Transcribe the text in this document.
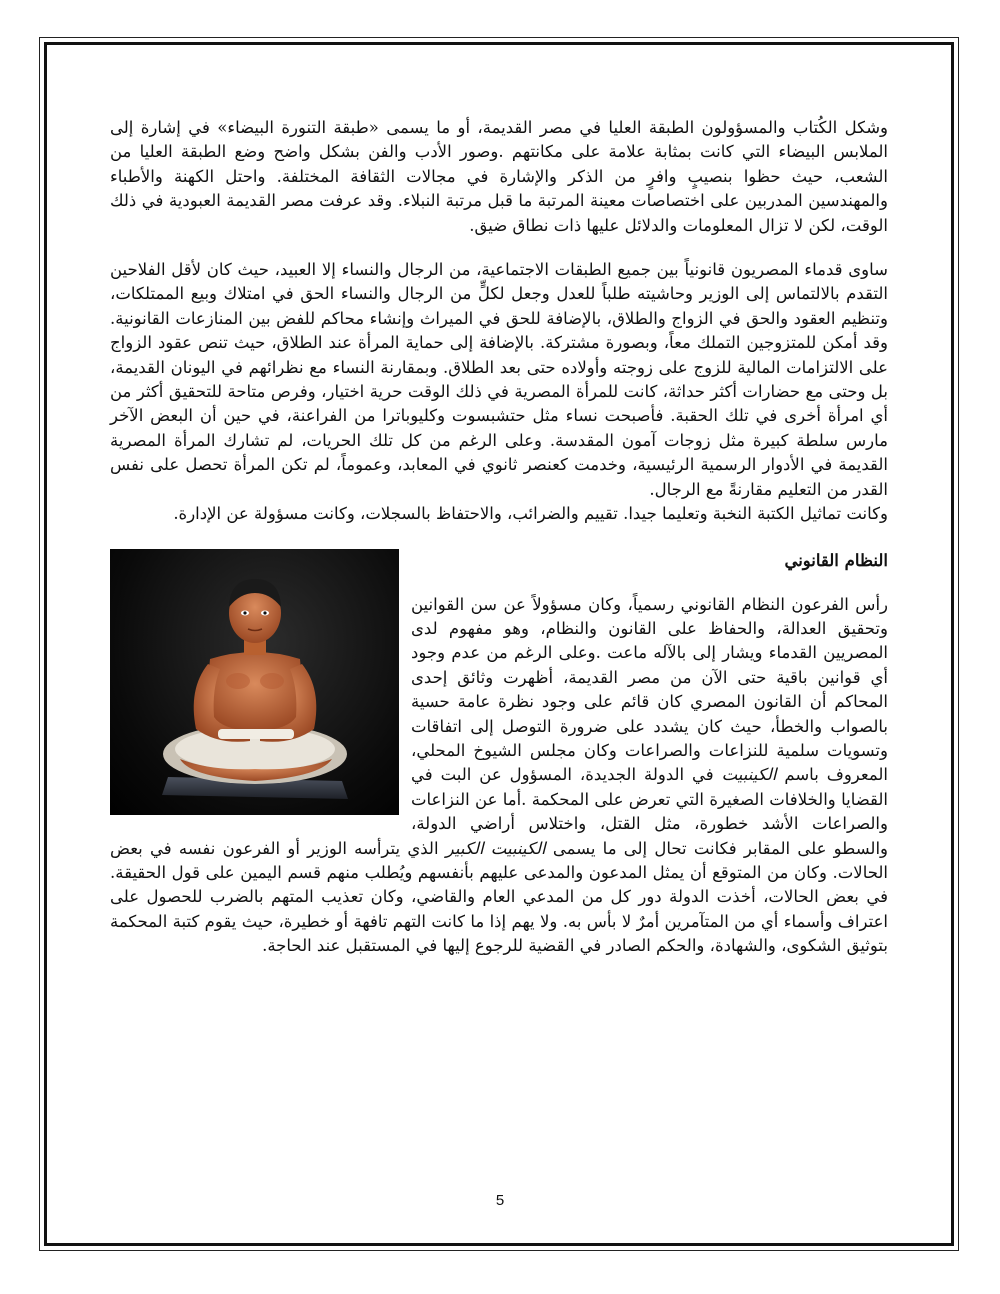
وشكل الكُتاب والمسؤولون الطبقة العليا في مصر القديمة، أو ما يسمى «طبقة التنورة البيضاء» في إشارة إلى الملابس البيضاء التي كانت بمثابة علامة على مكانتهم .وصور الأدب والفن بشكل واضح وضع الطبقة العليا من الشعب، حيث حظوا بنصيبٍ وافرٍ من الذكر والإشارة في مجالات الثقافة المختلفة. واحتل الكهنة والأطباء والمهندسين المدربين على اختصاصات معينة المرتبة ما قبل مرتبة النبلاء. وقد عرفت مصر القديمة العبودية في ذلك الوقت، لكن لا تزال المعلومات والدلائل عليها ذات نطاق ضيق.

ساوى قدماء المصريون قانونياً بين جميع الطبقات الاجتماعية، من الرجال والنساء إلا العبيد، حيث كان لأقل الفلاحين التقدم بالالتماس إلى الوزير وحاشيته طلباً للعدل وجعل لكلٍّ من الرجال والنساء الحق في امتلاك وبيع الممتلكات، وتنظيم العقود والحق في الزواج والطلاق، بالإضافة للحق في الميراث وإنشاء محاكم للفض بين المنازعات القانونية. وقد أمكن للمتزوجين التملك معاً، وبصورة مشتركة. بالإضافة إلى حماية المرأة عند الطلاق، حيث تنص عقود الزواج على الالتزامات المالية للزوج على زوجته وأولاده حتى بعد الطلاق. وبمقارنة النساء مع نظرائهم في اليونان القديمة، بل وحتى مع حضارات أكثر حداثة، كانت للمرأة المصرية في ذلك الوقت حرية اختيار، وفرص متاحة للتحقيق أكثر من أي امرأة أخرى في تلك الحقبة. فأصبحت نساء مثل حتشبسوت وكليوباترا من الفراعنة، في حين أن البعض الآخر مارس سلطة كبيرة مثل زوجات آمون المقدسة. وعلى الرغم من كل تلك الحريات، لم تشارك المرأة المصرية القديمة في الأدوار الرسمية الرئيسية، وخدمت كعنصر ثانوي في المعابد، وعموماً، لم تكن المرأة تحصل على نفس القدر من التعليم مقارنةً مع الرجال.

وكانت تماثيل الكتبة النخبة وتعليما جيدا. تقييم والضرائب، والاحتفاظ بالسجلات، وكانت مسؤولة عن الإدارة.

النظام القانوني

رأس الفرعون النظام القانوني رسمياً، وكان مسؤولاً عن سن القوانين وتحقيق العدالة، والحفاظ على القانون والنظام، وهو مفهوم لدى المصريين القدماء ويشار إلى بالآله ماعت .وعلى الرغم من عدم وجود أي قوانين باقية حتى الآن من مصر القديمة، أظهرت وثائق إحدى المحاكم أن القانون المصري كان قائم على وجود نظرة عامة حسية بالصواب والخطأ، حيث كان يشدد على ضرورة التوصل إلى اتفاقات وتسويات سلمية للنزاعات والصراعات وكان مجلس الشيوخ المحلي، المعروف باسم الكينبيت في الدولة الجديدة، المسؤول عن البت في القضايا والخلافات الصغيرة التي تعرض على المحكمة .أما عن النزاعات والصراعات الأشد خطورة، مثل القتل، واختلاس أراضي الدولة، والسطو على المقابر فكانت تحال إلى ما يسمى الكينبيت الكبير الذي يترأسه الوزير أو الفرعون نفسه في بعض الحالات. وكان من المتوقع أن يمثل المدعون والمدعى عليهم بأنفسهم ويُطلب منهم قسم اليمين على قول الحقيقة. في بعض الحالات، أخذت الدولة دور كل من المدعي العام والقاضي، وكان تعذيب المتهم بالضرب للحصول على اعتراف وأسماء أي من المتآمرين أمرٌ لا بأس به. ولا يهم إذا ما كانت التهم تافهة أو خطيرة، حيث يقوم كتبة المحكمة بتوثيق الشكوى، والشهادة، والحكم الصادر في القضية للرجوع إليها في المستقبل عند الحاجة.

5
